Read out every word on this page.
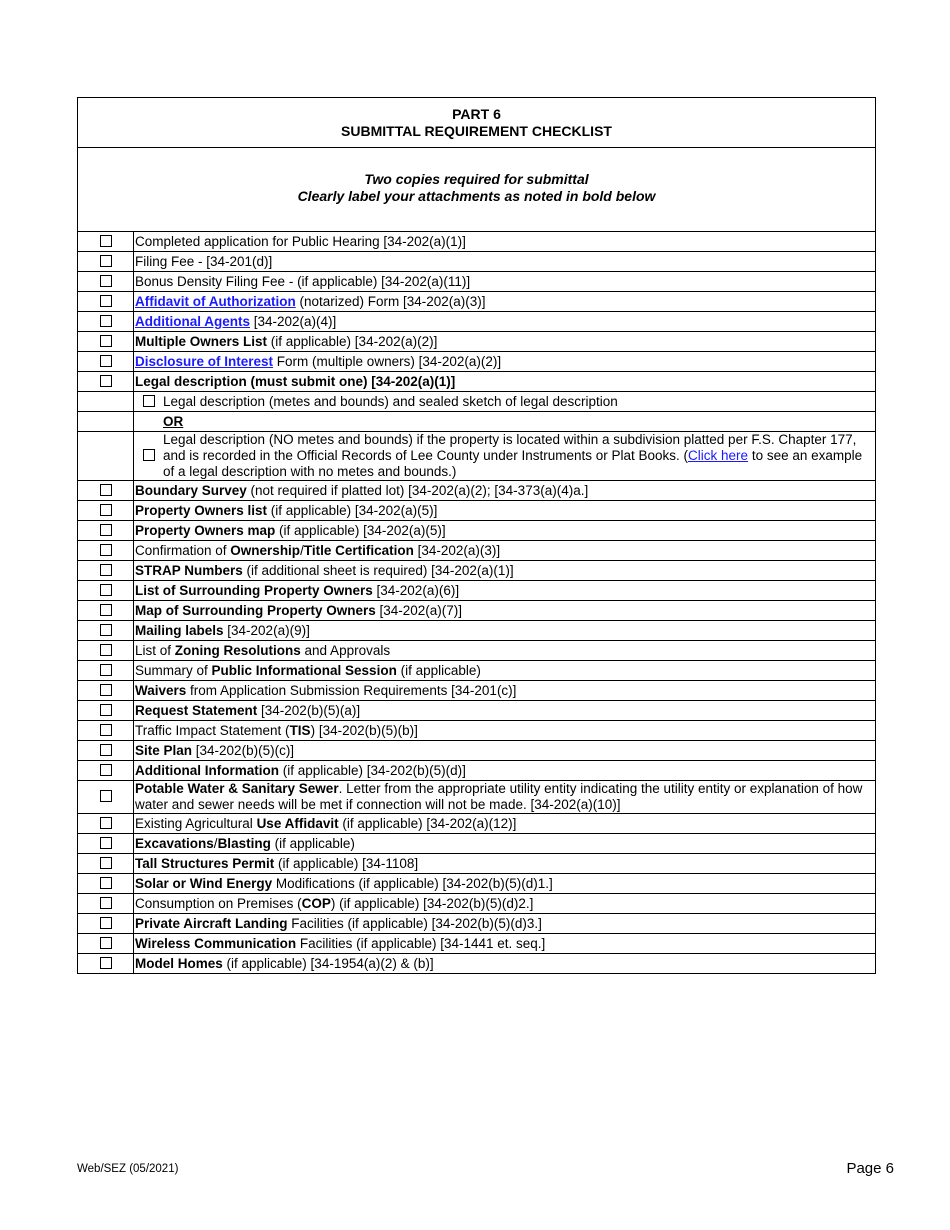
PART 6
SUBMITTAL REQUIREMENT CHECKLIST
Two copies required for submittal
Clearly label your attachments as noted in bold below
	Completed application for Public Hearing [34-202(a)(1)]
	Filing Fee - [34-201(d)]
	Bonus Density Filing Fee - (if applicable) [34-202(a)(11)]
	Affidavit of Authorization (notarized) Form [34-202(a)(3)]
	Additional Agents [34-202(a)(4)]
	Multiple Owners List (if applicable) [34-202(a)(2)]
	Disclosure of Interest Form (multiple owners) [34-202(a)(2)]
	Legal description (must submit one) [34-202(a)(1)]

	Legal description (metes and bounds) and sealed sketch of legal description

	OR

	Legal description (NO metes and bounds) if the property is located within a subdivision platted per F.S. Chapter 177, and is recorded in the Official Records of Lee County under Instruments or Plat Books. (Click here to see an example of a legal description with no metes and bounds.)

	Boundary Survey (not required if platted lot) [34-202(a)(2); [34-373(a)(4)a.]
	Property Owners list (if applicable) [34-202(a)(5)]
	Property Owners map (if applicable) [34-202(a)(5)]
	Confirmation of Ownership/Title Certification [34-202(a)(3)]
	STRAP Numbers (if additional sheet is required) [34-202(a)(1)]
	List of Surrounding Property Owners [34-202(a)(6)]
	Map of Surrounding Property Owners [34-202(a)(7)]
	Mailing labels [34-202(a)(9)]
	List of Zoning Resolutions and Approvals
	Summary of Public Informational Session (if applicable)
	Waivers from Application Submission Requirements [34-201(c)]
	Request Statement [34-202(b)(5)(a)]
	Traffic Impact Statement (TIS) [34-202(b)(5)(b)]
	Site Plan [34-202(b)(5)(c)]
	Additional Information (if applicable) [34-202(b)(5)(d)]
	Potable Water & Sanitary Sewer. Letter from the appropriate utility entity indicating the utility entity or explanation of how water and sewer needs will be met if connection will not be made. [34-202(a)(10)]
	Existing Agricultural Use Affidavit (if applicable) [34-202(a)(12)]
	Excavations/Blasting (if applicable)
	Tall Structures Permit (if applicable) [34-1108]
	Solar or Wind Energy Modifications (if applicable) [34-202(b)(5)(d)1.]
	Consumption on Premises (COP) (if applicable) [34-202(b)(5)(d)2.]
	Private Aircraft Landing Facilities (if applicable) [34-202(b)(5)(d)3.]
	Wireless Communication Facilities (if applicable) [34-1441 et. seq.]
	Model Homes (if applicable) [34-1954(a)(2) & (b)]
Web/SEZ (05/2021)	Page 6
